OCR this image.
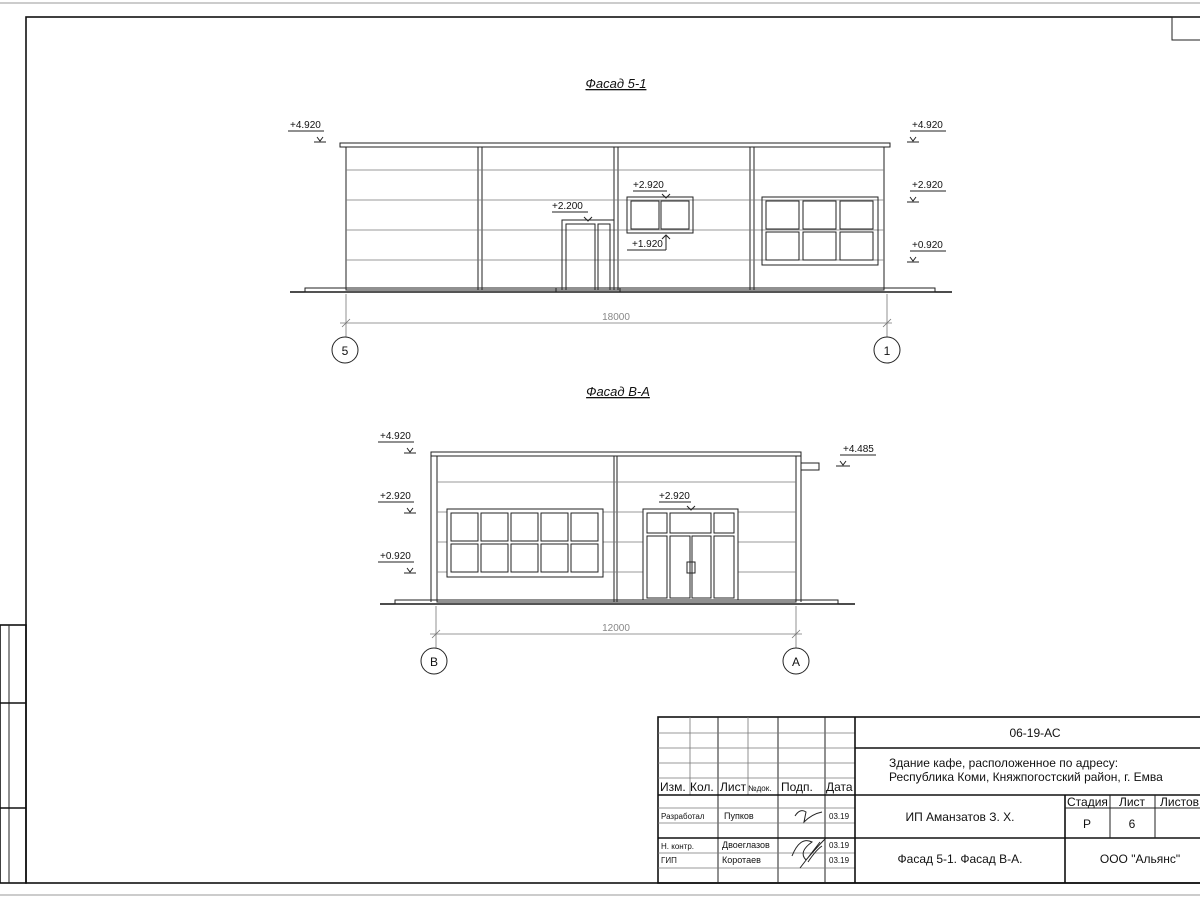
Фасад 5-1
+4.920	+4.920
+2.920
+0.920
+2.200
+2.920
+1.920
18000
5	1
Фасад В-А
+4.920
+2.920
+0.920
+2.920
+4.485
12000
В	А
Изм. Кол. Лист №док. Подп. Дата
Разработал Пупков	03.19
Н. контр.	Двоеглазов	03.19
ГИП	Коротаев	03.19
06-19-АС
Здание кафе, расположенное по адресу:
Республика Коми, Княжпогостский район, г. Емва
ИП Аманзатов З. Х.
Стадия Лист Листов
Р	6
Фасад 5-1. Фасад В-А.	ООО "Альянс"
